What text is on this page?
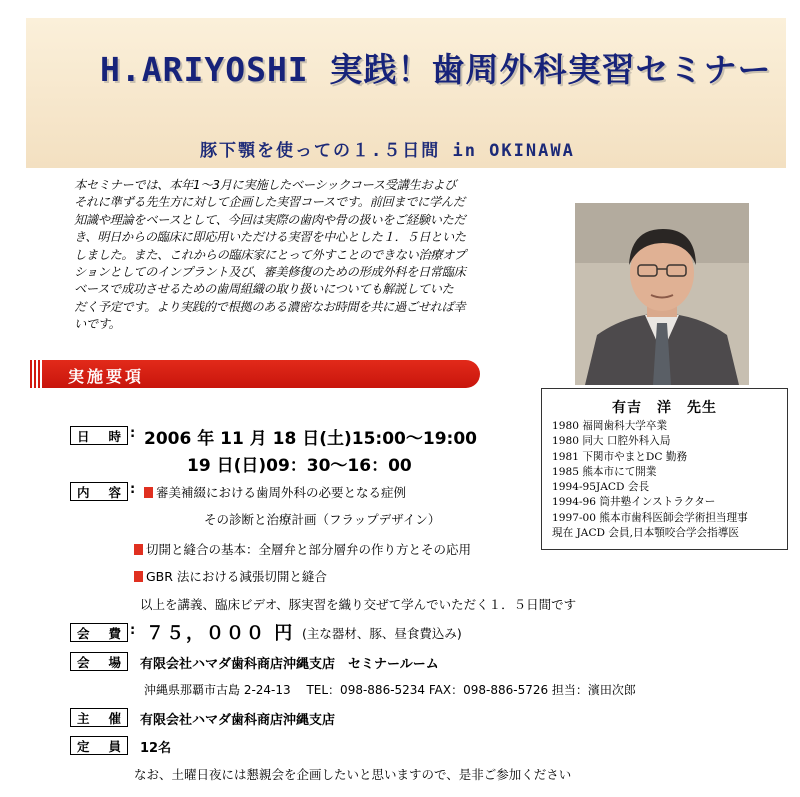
H.ARIYOSHI 実践！歯周外科実習セミナー
豚下顎を使っての１.５日間 in OKINAWA
本セミナーでは、本年1～3月に実施したベーシックコース受講生および
それに準ずる先生方に対して企画した実習コースです。前回までに学んだ
知識や理論をベースとして、今回は実際の歯肉や骨の扱いをご経験いただ
き、明日からの臨床に即応用いただける実習を中心とした１．５日といた
しました。また、これからの臨床家にとって外すことのできない治療オプ
ションとしてのインプラント及び、審美修復のための形成外科を日常臨床
ベースで成功させるための歯周組織の取り扱いについても解説していた
だく予定です。より実践的で根拠のある濃密なお時間を共に過ごせれば幸
いです。
有吉　洋　先生
1980 福岡歯科大学卒業
1980 同大 口腔外科入局
1981 下関市やまとDC 勤務
1985 熊本市にて開業
1994-95JACD 会長
1994-96 筒井塾インストラクター
1997-00 熊本市歯科医師会学術担当理事
現在 JACD 会員,日本顎咬合学会指導医
実施要項
日 時 : 2006 年 11 月 18 日(土)15:00～19:00
19 日(日)09：30～16：00
内 容 :	審美補綴における歯周外科の必要となる症例
その診断と治療計画（フラップデザイン）
切開と縫合の基本：全層弁と部分層弁の作り方とその応用
GBR 法における減張切開と縫合
以上を講義、臨床ビデオ、豚実習を織り交ぜて学んでいただく１．５日間です
会 費 : ７５，０００ 円 (主な器材、豚、昼食費込み)
会 場 有限会社ハマダ歯科商店沖縄支店　セミナールーム
沖縄県那覇市古島 2-24-13　 TEL：098-886-5234 FAX：098-886-5726 担当：濱田次郎
主 催 有限会社ハマダ歯科商店沖縄支店
定 員 12名
なお、土曜日夜には懇親会を企画したいと思いますので、是非ご参加ください
